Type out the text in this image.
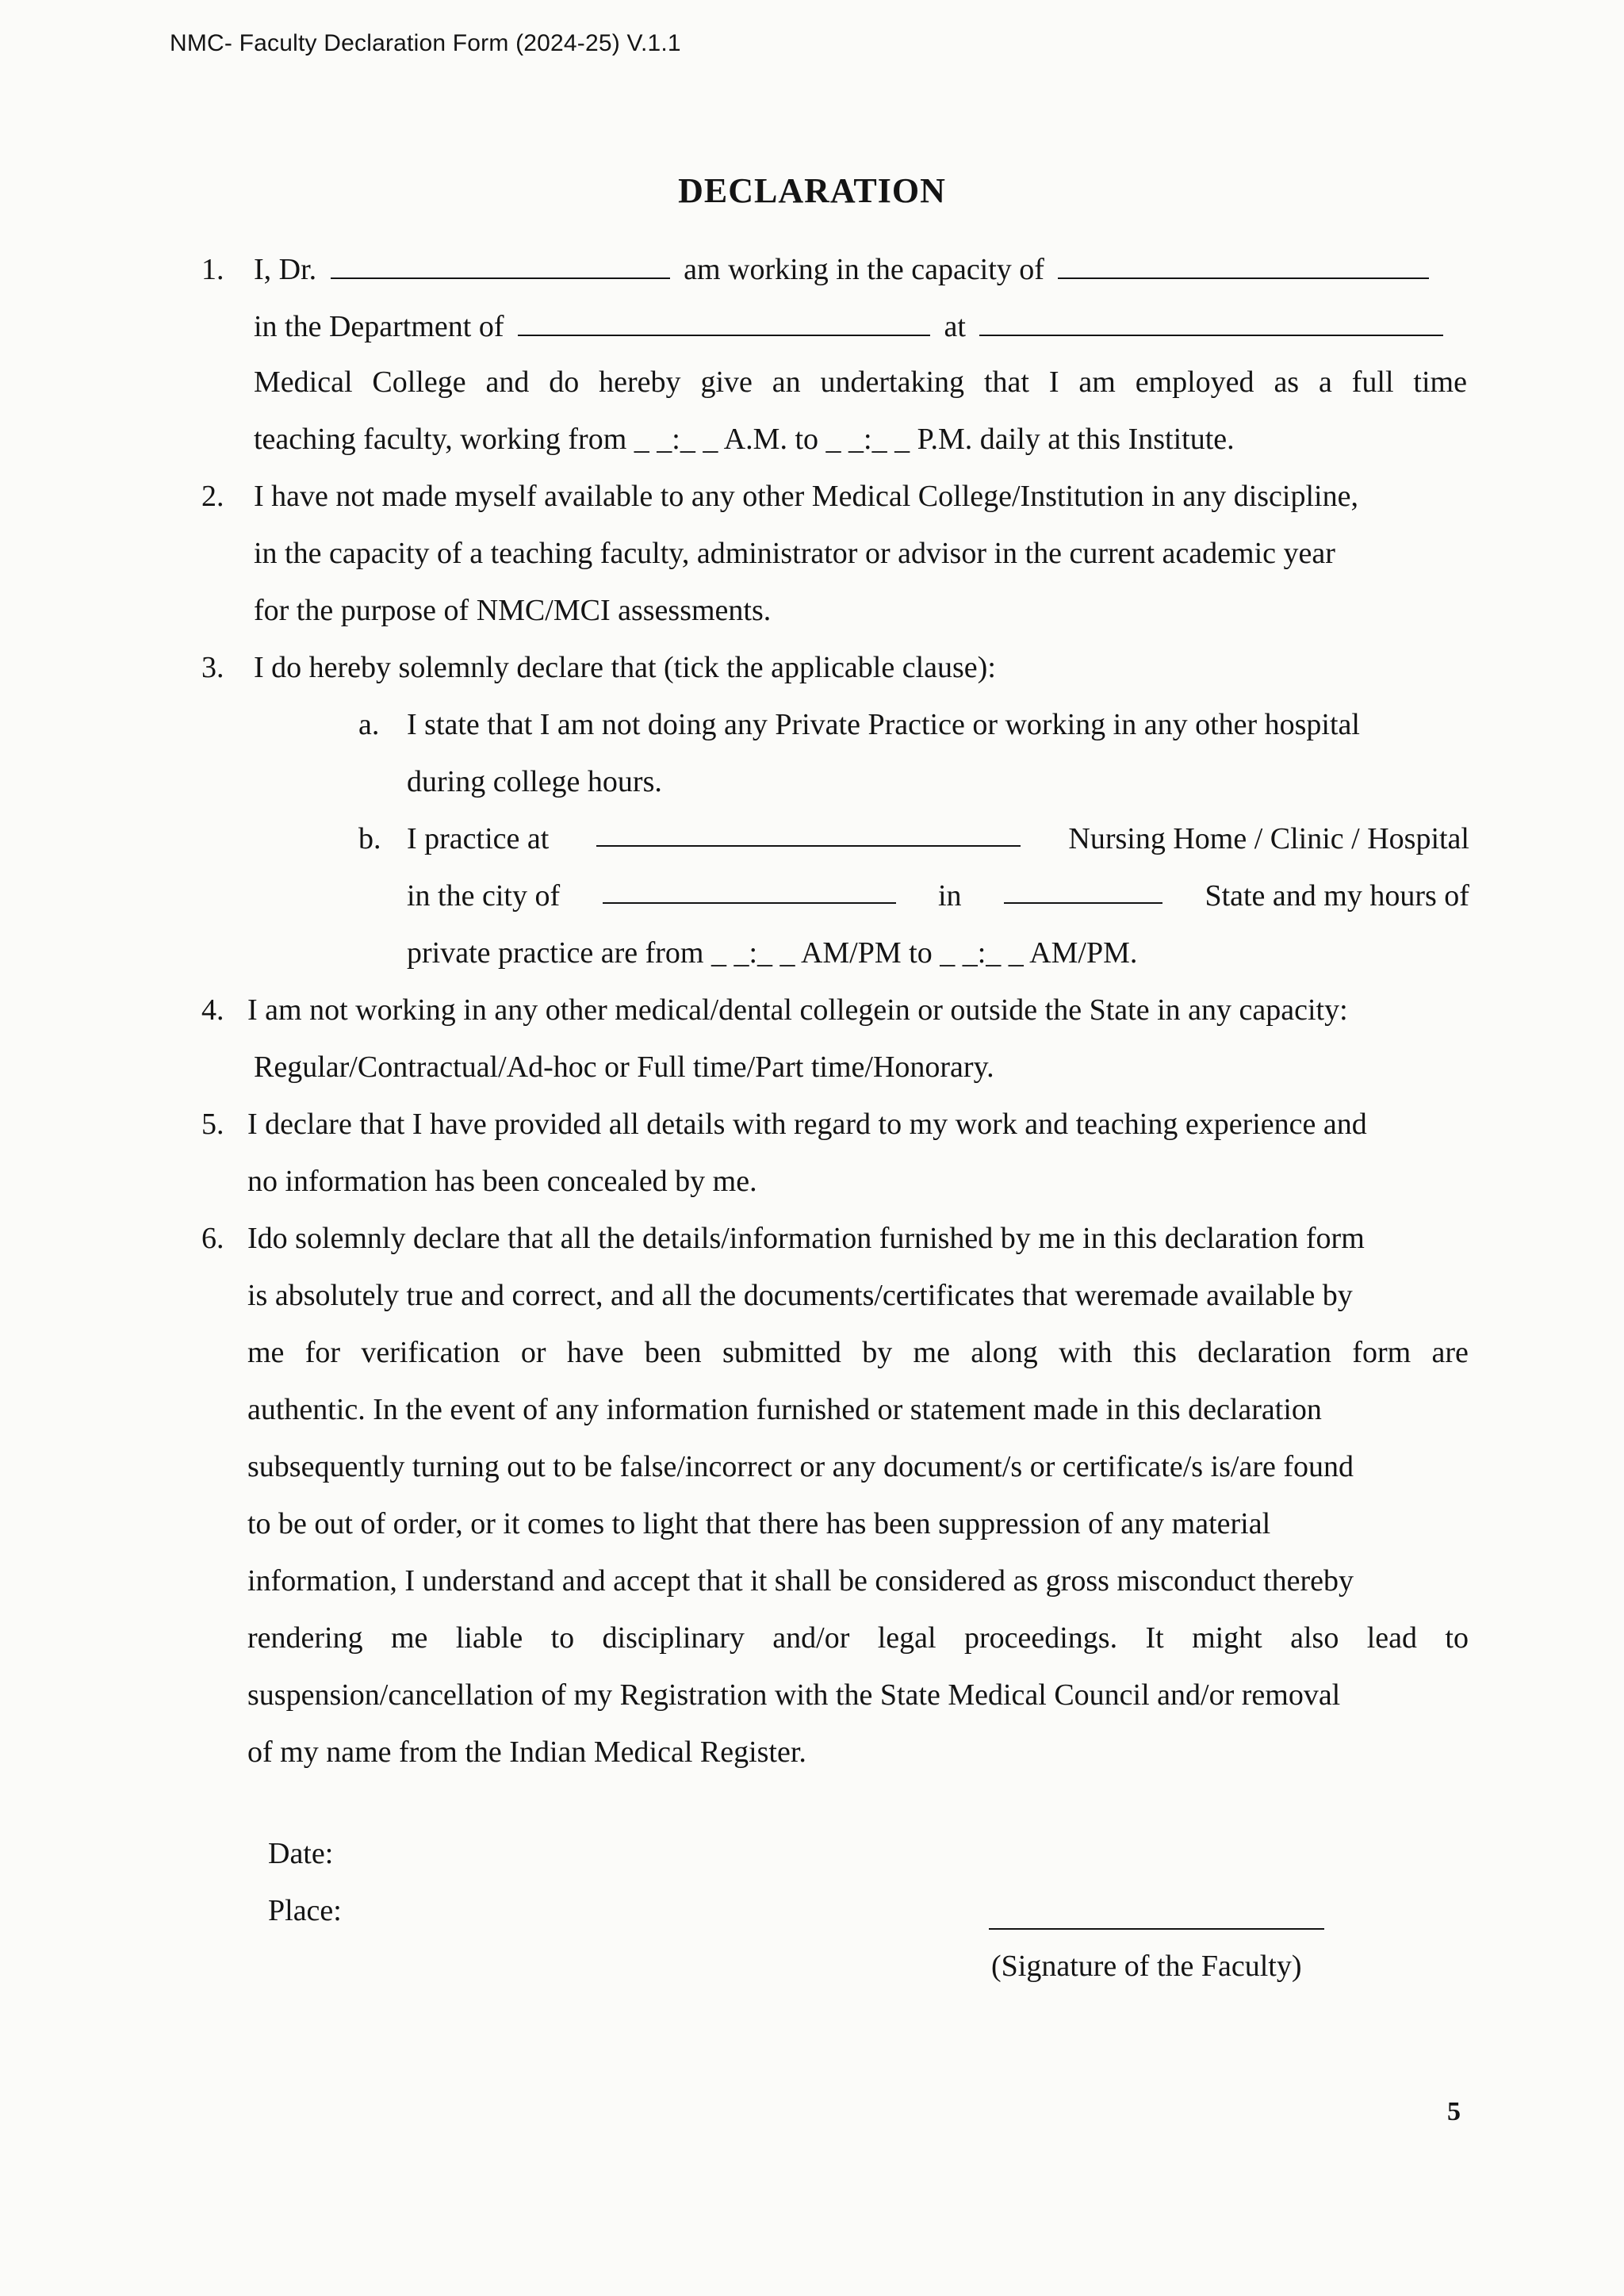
NMC- Faculty Declaration Form (2024-25) V.1.1
DECLARATION
1. I, Dr.	am working in the capacity of
in the Department of	at
Medical College and do hereby give an undertaking that I am employed as a full time
teaching faculty, working from _ _:_ _ A.M. to _ _:_ _ P.M. daily at this Institute.
2. I have not made myself available to any other Medical College/Institution in any discipline,
in the capacity of a teaching faculty, administrator or advisor in the current academic year
for the purpose of NMC/MCI assessments.
3. I do hereby solemnly declare that (tick the applicable clause):
a. I state that I am not doing any Private Practice or working in any other hospital
during college hours.
b. I practice at	Nursing Home / Clinic / Hospital
in the city of	in	State and my hours of
private practice are from _ _:_ _ AM/PM to _ _:_ _ AM/PM.
4. I am not working in any other medical/dental collegein or outside the State in any capacity:
Regular/Contractual/Ad-hoc or Full time/Part time/Honorary.
5. I declare that I have provided all details with regard to my work and teaching experience and
no information has been concealed by me.
6. Ido solemnly declare that all the details/information furnished by me in this declaration form
is absolutely true and correct, and all the documents/certificates that weremade available by
me for verification or have been submitted by me along with this declaration form are
authentic. In the event of any information furnished or statement made in this declaration
subsequently turning out to be false/incorrect or any document/s or certificate/s is/are found
to be out of order, or it comes to light that there has been suppression of any material
information, I understand and accept that it shall be considered as gross misconduct thereby
rendering me liable to disciplinary and/or legal proceedings. It might also lead to
suspension/cancellation of my Registration with the State Medical Council and/or removal
of my name from the Indian Medical Register.
Date:
Place:
(Signature of the Faculty)
5
